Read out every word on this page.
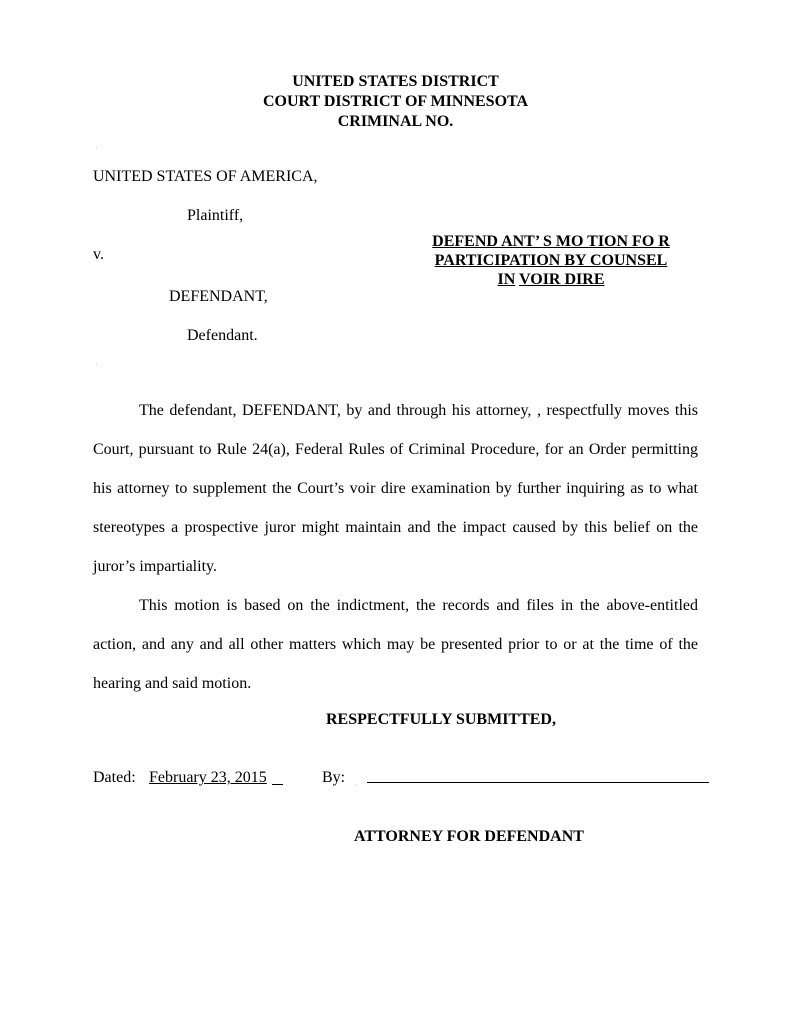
UNITED STATES DISTRICT
COURT DISTRICT OF MINNESOTA
CRIMINAL NO.
UNITED STATES OF AMERICA,
Plaintiff,
v.
DEFENDANT,
Defendant.
DEFEND ANT’ S MO TION FO R
PARTICIPATION BY COUNSEL
IN VOIR DIRE
The defendant, DEFENDANT, by and through his attorney, , respectfully moves this Court, pursuant to Rule 24(a), Federal Rules of Criminal Procedure, for an Order permitting his attorney to supplement the Court’s voir dire examination by further inquiring as to what stereotypes a prospective juror might maintain and the impact caused by this belief on the juror’s impartiality.
This motion is based on the indictment, the records and files in the above-entitled action, and any and all other matters which may be presented prior to or at the time of the hearing and said motion.
RESPECTFULLY SUBMITTED,
Dated: February 23, 2015	By:
ATTORNEY FOR DEFENDANT
